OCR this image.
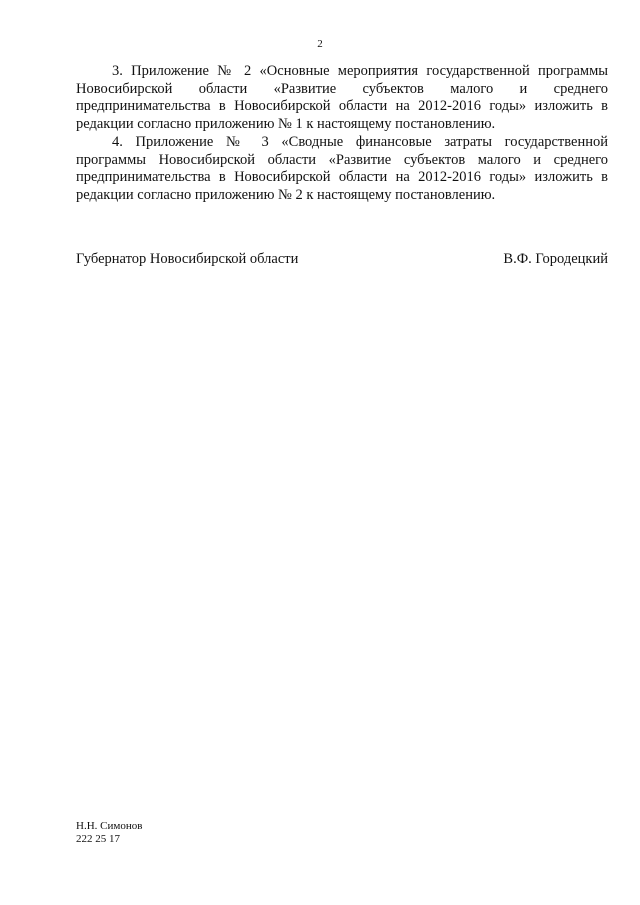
2

3. Приложение № 2 «Основные мероприятия государственной программы Новосибирской области «Развитие субъектов малого и среднего предпринимательства в Новосибирской области на 2012-2016 годы» изложить в редакции согласно приложению № 1 к настоящему постановлению.

4. Приложение № 3 «Сводные финансовые затраты государственной программы Новосибирской области «Развитие субъектов малого и среднего предпринимательства в Новосибирской области на 2012-2016 годы» изложить в редакции согласно приложению № 2 к настоящему постановлению.

Губернатор Новосибирской области	В.Ф. Городецкий
Н.Н. Симонов
222 25 17
